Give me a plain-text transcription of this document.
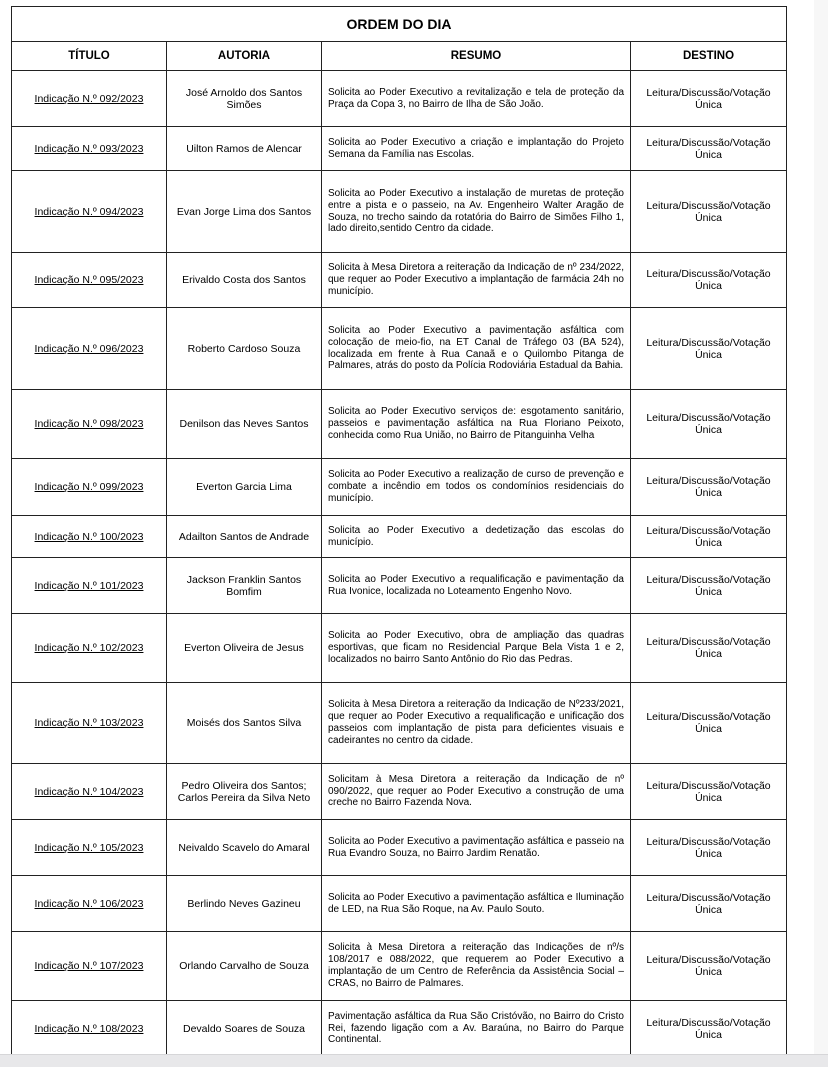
ORDEM DO DIA			
TÍTULO	AUTORIA	RESUMO	DESTINO
Indicação N.º 092/2023	José Arnoldo dos Santos Simões	Solicita ao Poder Executivo a revitalização e tela de proteção da Praça da Copa 3, no Bairro de Ilha de São João.	Leitura/Discussão/Votação Única
Indicação N.º 093/2023	Uilton Ramos de Alencar	Solicita ao Poder Executivo a criação e implantação do Projeto Semana da Família nas Escolas.	Leitura/Discussão/Votação Única
Indicação N.º 094/2023	Evan Jorge Lima dos Santos	Solicita ao Poder Executivo a instalação de muretas de proteção entre a pista e o passeio, na Av. Engenheiro Walter Aragão de Souza, no trecho saindo da rotatória do Bairro de Simões Filho 1, lado direito,sentido Centro da cidade.	Leitura/Discussão/Votação Única
Indicação N.º 095/2023	Erivaldo Costa dos Santos	Solicita à Mesa Diretora a reiteração da Indicação de nº 234/2022, que requer ao Poder Executivo a implantação de farmácia 24h no município.	Leitura/Discussão/Votação Única
Indicação N.º 096/2023	Roberto Cardoso Souza	Solicita ao Poder Executivo a pavimentação asfáltica com colocação de meio-fio, na ET Canal de Tráfego 03 (BA 524), localizada em frente à Rua Canaã e o Quilombo Pitanga de Palmares, atrás do posto da Polícia Rodoviária Estadual da Bahia.	Leitura/Discussão/Votação Única
Indicação N.º 098/2023	Denilson das Neves Santos	Solicita ao Poder Executivo serviços de: esgotamento sanitário, passeios e pavimentação asfáltica na Rua Floriano Peixoto, conhecida como Rua União, no Bairro de Pitanguinha Velha	Leitura/Discussão/Votação Única
Indicação N.º 099/2023	Everton Garcia Lima	Solicita ao Poder Executivo a realização de curso de prevenção e combate a incêndio em todos os condomínios residenciais do município.	Leitura/Discussão/Votação Única
Indicação N.º 100/2023	Adailton Santos de Andrade	Solicita ao Poder Executivo a dedetização das escolas do município.	Leitura/Discussão/Votação Única
Indicação N.º 101/2023	Jackson Franklin Santos Bomfim	Solicita ao Poder Executivo a requalificação e pavimentação da Rua Ivonice, localizada no Loteamento Engenho Novo.	Leitura/Discussão/Votação Única
Indicação N.º 102/2023	Everton Oliveira de Jesus	Solicita ao Poder Executivo, obra de ampliação das quadras esportivas, que ficam no Residencial Parque Bela Vista 1 e 2, localizados no bairro Santo Antônio do Rio das Pedras.	Leitura/Discussão/Votação Única
Indicação N.º 103/2023	Moisés dos Santos Silva	Solicita à Mesa Diretora a reiteração da Indicação de Nº233/2021, que requer ao Poder Executivo a requalificação e unificação dos passeios com implantação de pista para deficientes visuais e cadeirantes no centro da cidade.	Leitura/Discussão/Votação Única
Indicação N.º 104/2023	Pedro Oliveira dos Santos; Carlos Pereira da Silva Neto	Solicitam à Mesa Diretora a reiteração da Indicação de nº 090/2022, que requer ao Poder Executivo a construção de uma creche no Bairro Fazenda Nova.	Leitura/Discussão/Votação Única
Indicação N.º 105/2023	Neivaldo Scavelo do Amaral	Solicita ao Poder Executivo a pavimentação asfáltica e passeio na Rua Evandro Souza, no Bairro Jardim Renatão.	Leitura/Discussão/Votação Única
Indicação N.º 106/2023	Berlindo Neves Gazineu	Solicita ao Poder Executivo a pavimentação asfáltica e Iluminação de LED, na Rua São Roque, na Av. Paulo Souto.	Leitura/Discussão/Votação Única
Indicação N.º 107/2023	Orlando Carvalho de Souza	Solicita à Mesa Diretora a reiteração das Indicações de nº/s 108/2017 e 088/2022, que requerem ao Poder Executivo a implantação de um Centro de Referência da Assistência Social – CRAS, no Bairro de Palmares.	Leitura/Discussão/Votação Única
Indicação N.º 108/2023	Devaldo Soares de Souza	Pavimentação asfáltica da Rua São Cristóvão, no Bairro do Cristo Rei, fazendo ligação com a Av. Baraúna, no Bairro do Parque Continental.	Leitura/Discussão/Votação Única
